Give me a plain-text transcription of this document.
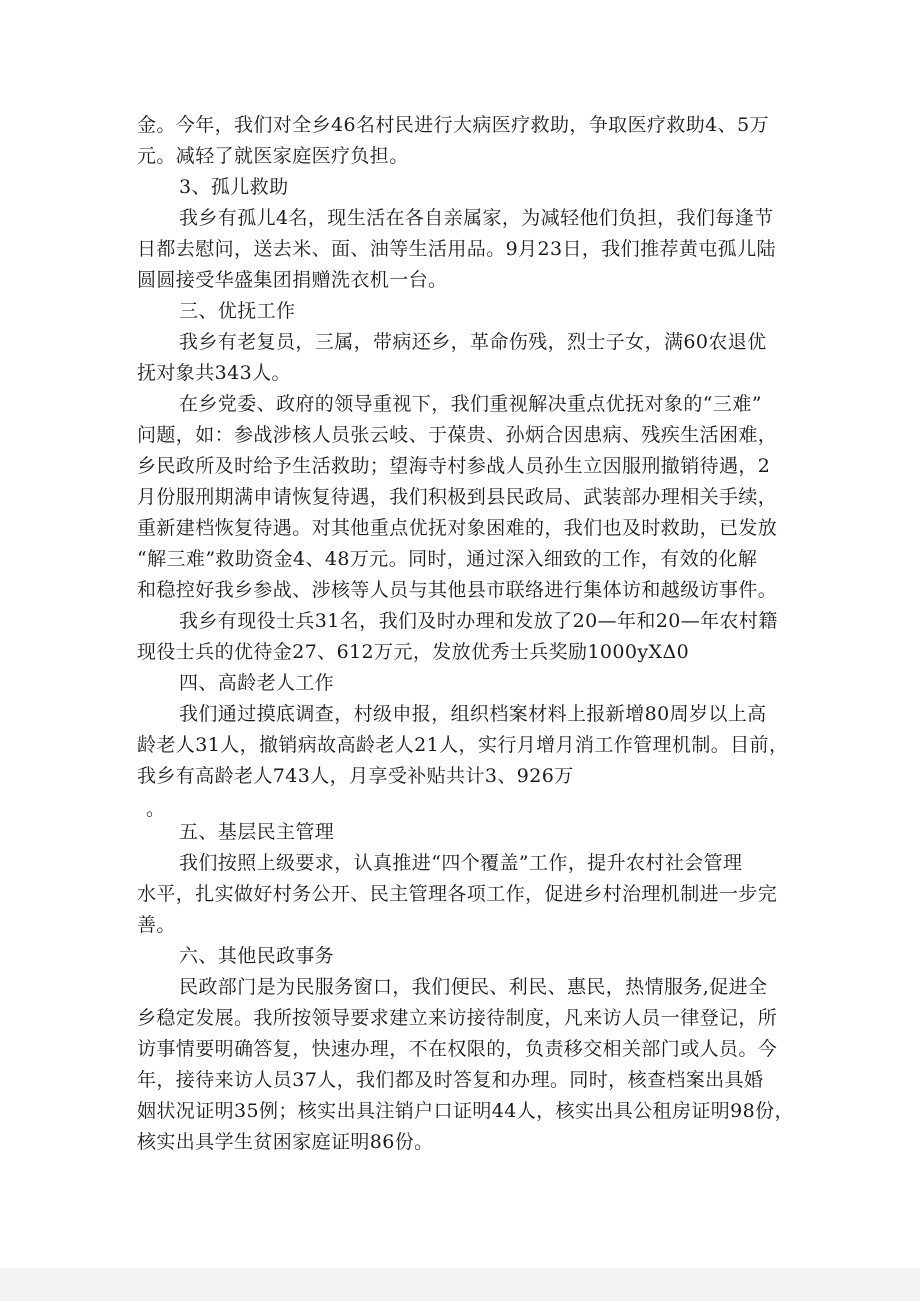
金。今年，我们对全乡46名村民进行大病医疗救助，争取医疗救助4、5万
元。减轻了就医家庭医疗负担。
3、孤儿救助
我乡有孤儿4名，现生活在各自亲属家，为减轻他们负担，我们每逢节
日都去慰问，送去米、面、油等生活用品。9月23日，我们推荐黄屯孤儿陆
圆圆接受华盛集团捐赠洗衣机一台。
三、优抚工作
我乡有老复员，三属，带病还乡，革命伤残，烈士子女，满60农退优
抚对象共343人。
在乡党委、政府的领导重视下，我们重视解决重点优抚对象的“三难”
问题，如：参战涉核人员张云岐、于葆贵、孙炳合因患病、残疾生活困难，
乡民政所及时给予生活救助；望海寺村参战人员孙生立因服刑撤销待遇，2
月份服刑期满申请恢复待遇，我们积极到县民政局、武装部办理相关手续，
重新建档恢复待遇。对其他重点优抚对象困难的，我们也及时救助，已发放
“解三难”救助资金4、48万元。同时，通过深入细致的工作，有效的化解
和稳控好我乡参战、涉核等人员与其他县市联络进行集体访和越级访事件。
我乡有现役士兵31名，我们及时办理和发放了20—年和20—年农村籍
现役士兵的优待金27、612万元，发放优秀士兵奖励1000yXΔ0
四、高龄老人工作
我们通过摸底调查，村级申报，组织档案材料上报新增80周岁以上高
龄老人31人，撤销病故高龄老人21人，实行月增月消工作管理机制。目前，
我乡有高龄老人743人，月享受补贴共计3、926万
。
五、基层民主管理
我们按照上级要求，认真推进“四个覆盖”工作，提升农村社会管理
水平，扎实做好村务公开、民主管理各项工作，促进乡村治理机制进一步完
善。
六、其他民政事务
民政部门是为民服务窗口，我们便民、利民、惠民，热情服务,促进全
乡稳定发展。我所按领导要求建立来访接待制度，凡来访人员一律登记，所
访事情要明确答复，快速办理，不在权限的，负责移交相关部门或人员。今
年，接待来访人员37人，我们都及时答复和办理。同时，核查档案出具婚
姻状况证明35例；核实出具注销户口证明44人，核实出具公租房证明98份，
核实出具学生贫困家庭证明86份。
